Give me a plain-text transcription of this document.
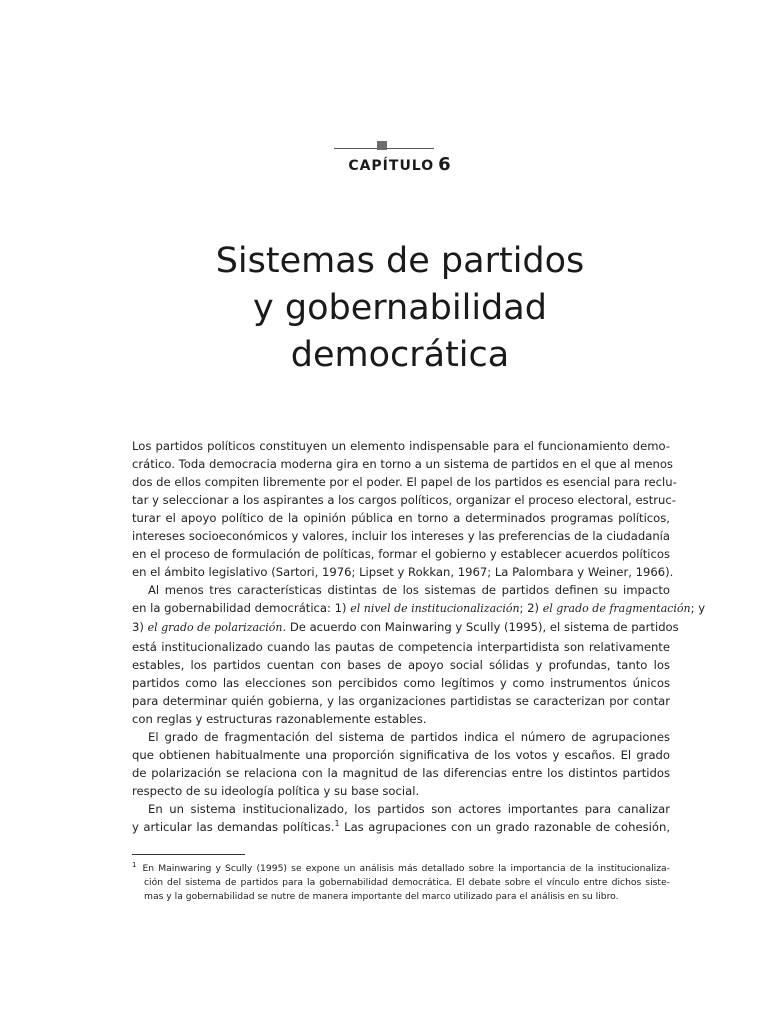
CAPÍTULO 6
Sistemas de partidos
y gobernabilidad
democrática

Los partidos políticos constituyen un elemento indispensable para el funcionamiento demo-
crático. Toda democracia moderna gira en torno a un sistema de partidos en el que al menos
dos de ellos compiten libremente por el poder. El papel de los partidos es esencial para reclu-
tar y seleccionar a los aspirantes a los cargos políticos, organizar el proceso electoral, estruc-
turar el apoyo político de la opinión pública en torno a determinados programas políticos,
intereses socioeconómicos y valores, incluir los intereses y las preferencias de la ciudadanía
en el proceso de formulación de políticas, formar el gobierno y establecer acuerdos políticos
en el ámbito legislativo (Sartori, 1976; Lipset y Rokkan, 1967; La Palombara y Weiner, 1966).

Al menos tres características distintas de los sistemas de partidos definen su impacto
en la gobernabilidad democrática: 1) el nivel de institucionalización; 2) el grado de fragmentación; y
3) el grado de polarización. De acuerdo con Mainwaring y Scully (1995), el sistema de partidos
está institucionalizado cuando las pautas de competencia interpartidista son relativamente
estables, los partidos cuentan con bases de apoyo social sólidas y profundas, tanto los
partidos como las elecciones son percibidos como legítimos y como instrumentos únicos
para determinar quién gobierna, y las organizaciones partidistas se caracterizan por contar
con reglas y estructuras razonablemente estables.

El grado de fragmentación del sistema de partidos indica el número de agrupaciones
que obtienen habitualmente una proporción significativa de los votos y escaños. El grado
de polarización se relaciona con la magnitud de las diferencias entre los distintos partidos
respecto de su ideología política y su base social.

En un sistema institucionalizado, los partidos son actores importantes para canalizar
y articular las demandas políticas.$^1$ Las agrupaciones con un grado razonable de cohesión,

$^1$ En Mainwaring y Scully (1995) se expone un análisis más detallado sobre la importancia de la institucionaliza-
ción del sistema de partidos para la gobernabilidad democrática. El debate sobre el vínculo entre dichos siste-
mas y la gobernabilidad se nutre de manera importante del marco utilizado para el análisis en su libro.
